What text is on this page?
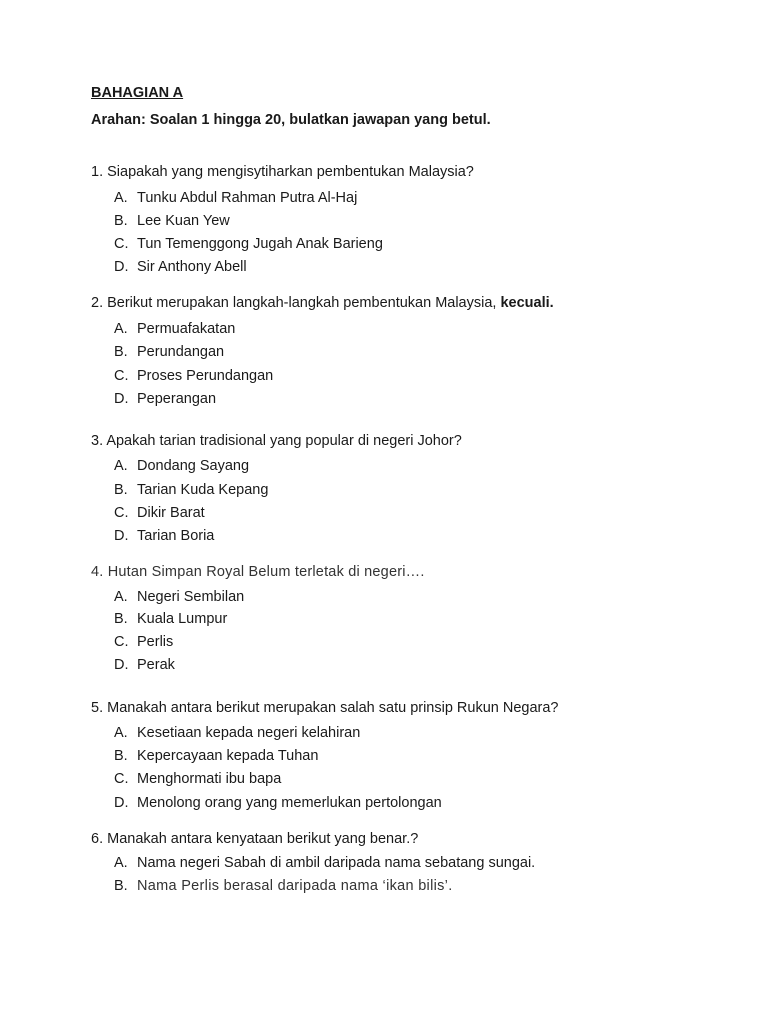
BAHAGIAN A
Arahan: Soalan 1 hingga 20, bulatkan jawapan yang betul.
1. Siapakah yang mengisytiharkan pembentukan Malaysia?
A. Tunku Abdul Rahman Putra Al-Haj
B. Lee Kuan Yew
C. Tun Temenggong Jugah Anak Barieng
D. Sir Anthony Abell
2. Berikut merupakan langkah-langkah pembentukan Malaysia, kecuali.
A. Permuafakatan
B. Perundangan
C. Proses Perundangan
D. Peperangan
3. Apakah tarian tradisional yang popular di negeri Johor?
A. Dondang Sayang
B. Tarian Kuda Kepang
C. Dikir Barat
D. Tarian Boria
4. Hutan Simpan Royal Belum terletak di negeri….
A. Negeri Sembilan
B. Kuala Lumpur
C. Perlis
D. Perak
5. Manakah antara berikut merupakan salah satu prinsip Rukun Negara?
A. Kesetiaan kepada negeri kelahiran
B. Kepercayaan kepada Tuhan
C. Menghormati ibu bapa
D. Menolong orang yang memerlukan pertolongan
6. Manakah antara kenyataan berikut yang benar.?
A. Nama negeri Sabah di ambil daripada nama sebatang sungai.
B. Nama Perlis berasal daripada nama ‘ikan bilis’.
